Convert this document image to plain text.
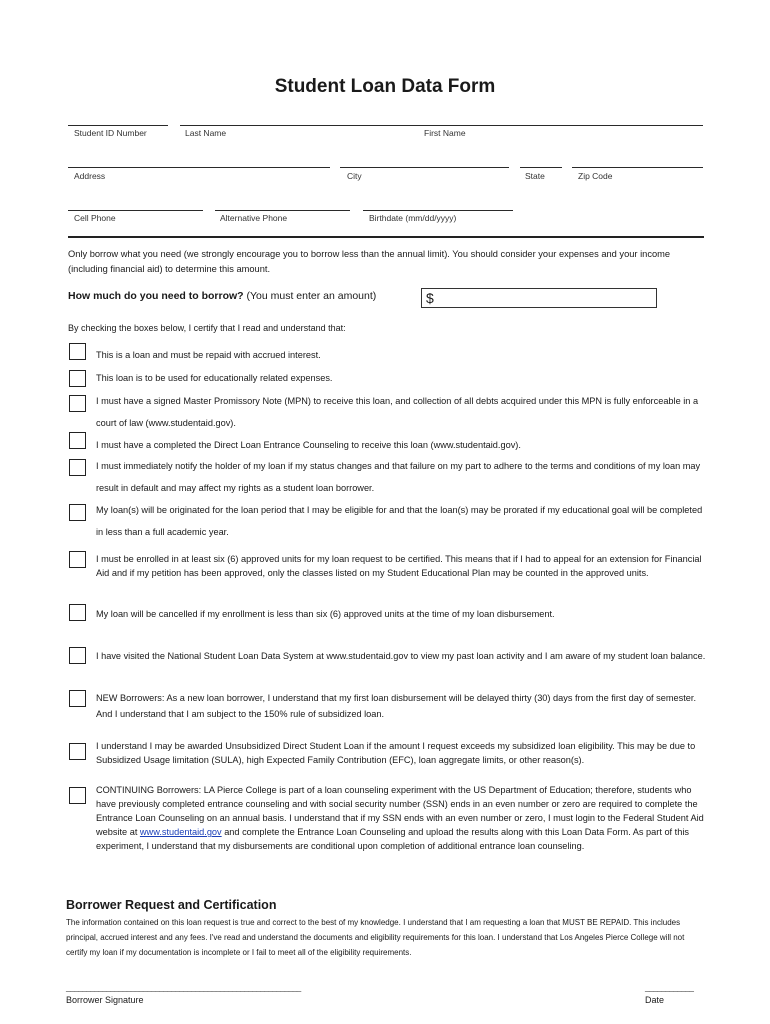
Student Loan Data Form
Student ID Number	Last Name	First Name
Address	City	State	Zip Code
Cell Phone	Alternative Phone	Birthdate (mm/dd/yyyy)
Only borrow what you need (we strongly encourage you to borrow less than the annual limit). You should consider your expenses and your income (including financial aid) to determine this amount.
How much do you need to borrow? (You must enter an amount)	$
By checking the boxes below, I certify that I read and understand that:
This is a loan and must be repaid with accrued interest.
This loan is to be used for educationally related expenses.
I must have a signed Master Promissory Note (MPN) to receive this loan, and collection of all debts acquired under this MPN is fully enforceable in a court of law (www.studentaid.gov).
I must have a completed the Direct Loan Entrance Counseling to receive this loan (www.studentaid.gov).
I must immediately notify the holder of my loan if my status changes and that failure on my part to adhere to the terms and conditions of my loan may result in default and may affect my rights as a student loan borrower.
My loan(s) will be originated for the loan period that I may be eligible for and that the loan(s) may be prorated if my educational goal will be completed in less than a full academic year.
I must be enrolled in at least six (6) approved units for my loan request to be certified. This means that if I had to appeal for an extension for Financial Aid and if my petition has been approved, only the classes listed on my Student Educational Plan may be counted in the approved units.
My loan will be cancelled if my enrollment is less than six (6) approved units at the time of my loan disbursement.
I have visited the National Student Loan Data System at www.studentaid.gov to view my past loan activity and I am aware of my student loan balance.
NEW Borrowers: As a new loan borrower, I understand that my first loan disbursement will be delayed thirty (30) days from the first day of semester. And I understand that I am subject to the 150% rule of subsidized loan.
I understand I may be awarded Unsubsidized Direct Student Loan if the amount I request exceeds my subsidized loan eligibility. This may be due to Subsidized Usage limitation (SULA), high Expected Family Contribution (EFC), loan aggregate limits, or other reason(s).
CONTINUING Borrowers: LA Pierce College is part of a loan counseling experiment with the US Department of Education; therefore, students who have previously completed entrance counseling and with social security number (SSN) ends in an even number or zero are required to complete the Entrance Loan Counseling on an annual basis. I understand that if my SSN ends with an even number or zero, I must login to the Federal Student Aid website at www.studentaid.gov and complete the Entrance Loan Counseling and upload the results along with this Loan Data Form. As part of this experiment, I understand that my disbursements are conditional upon completion of additional entrance loan counseling.
Borrower Request and Certification
The information contained on this loan request is true and correct to the best of my knowledge. I understand that I am requesting a loan that MUST BE REPAID. This includes principal, accrued interest and any fees. I've read and understand the documents and eligibility requirements for this loan. I understand that Los Angeles Pierce College will not certify my loan if my documentation is incomplete or I fail to meet all of the eligibility requirements.
__________________________________________________________
Borrower Signature
____________
Date
